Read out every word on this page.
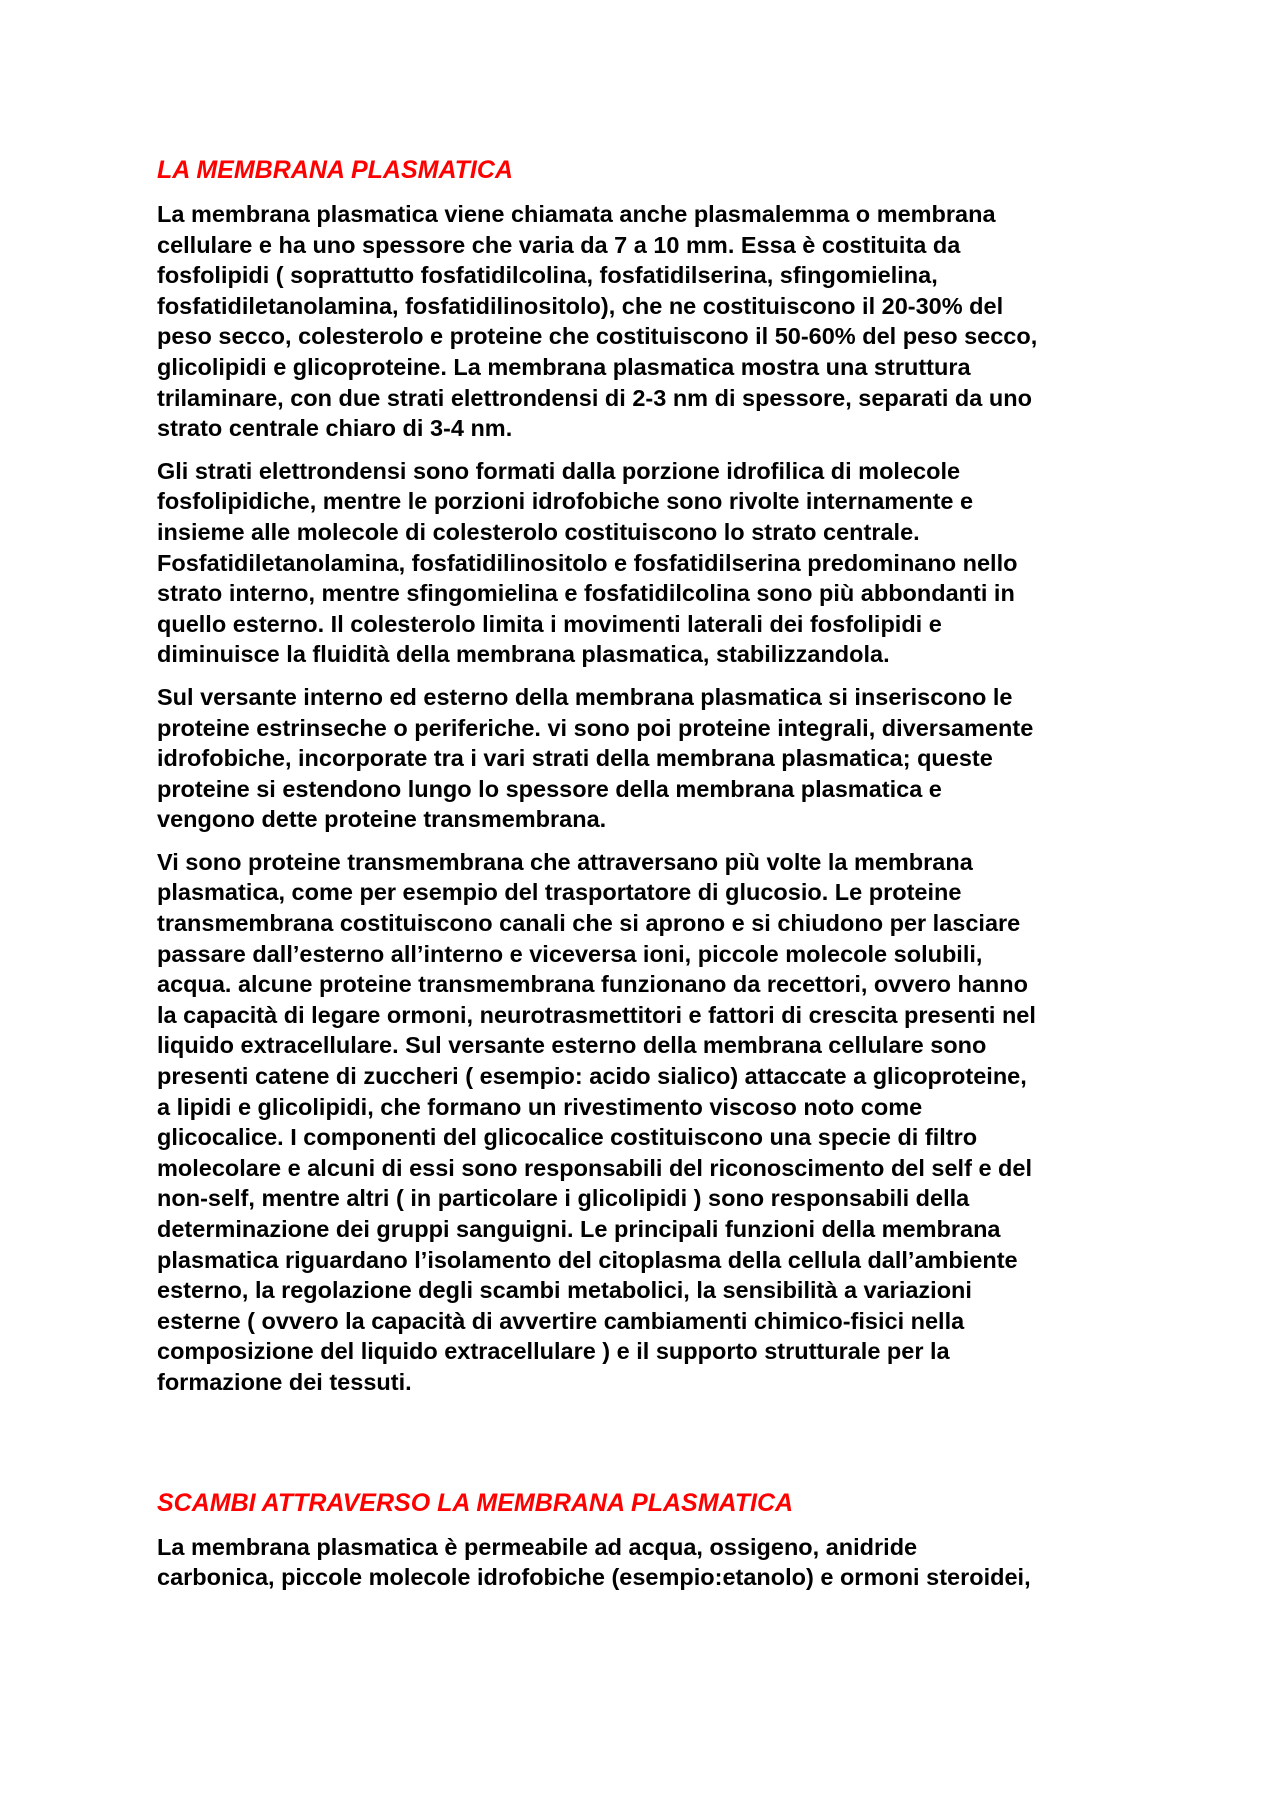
LA MEMBRANA PLASMATICA

La membrana plasmatica viene chiamata anche plasmalemma o membrana
cellulare e ha uno spessore che varia da 7 a 10 mm. Essa è costituita da
fosfolipidi ( soprattutto fosfatidilcolina, fosfatidilserina, sfingomielina,
fosfatidiletanolamina, fosfatidilinositolo), che ne costituiscono il 20-30% del
peso secco, colesterolo e proteine che costituiscono il 50-60% del peso secco,
glicolipidi e glicoproteine. La membrana plasmatica mostra una struttura
trilaminare, con due strati elettrondensi di 2-3 nm di spessore, separati da uno
strato centrale chiaro di 3-4 nm.

Gli strati elettrondensi sono formati dalla porzione idrofilica di molecole
fosfolipidiche, mentre le porzioni idrofobiche sono rivolte internamente e
insieme alle molecole di colesterolo costituiscono lo strato centrale.
Fosfatidiletanolamina, fosfatidilinositolo e fosfatidilserina predominano nello
strato interno, mentre sfingomielina e fosfatidilcolina sono più abbondanti in
quello esterno. Il colesterolo limita i movimenti laterali dei fosfolipidi e
diminuisce la fluidità della membrana plasmatica, stabilizzandola.

Sul versante interno ed esterno della membrana plasmatica si inseriscono le
proteine estrinseche o periferiche. vi sono poi proteine integrali, diversamente
idrofobiche, incorporate tra i vari strati della membrana plasmatica; queste
proteine si estendono lungo lo spessore della membrana plasmatica e
vengono dette proteine transmembrana.

Vi sono proteine transmembrana che attraversano più volte la membrana
plasmatica, come per esempio del trasportatore di glucosio. Le proteine
transmembrana costituiscono canali che si aprono e si chiudono per lasciare
passare dall’esterno all’interno e viceversa ioni, piccole molecole solubili,
acqua. alcune proteine transmembrana funzionano da recettori, ovvero hanno
la capacità di legare ormoni, neurotrasmettitori e fattori di crescita presenti nel
liquido extracellulare. Sul versante esterno della membrana cellulare sono
presenti catene di zuccheri ( esempio: acido sialico) attaccate a glicoproteine,
a lipidi e glicolipidi, che formano un rivestimento viscoso noto come
glicocalice. I componenti del glicocalice costituiscono una specie di filtro
molecolare e alcuni di essi sono responsabili del riconoscimento del self e del
non-self, mentre altri ( in particolare i glicolipidi ) sono responsabili della
determinazione dei gruppi sanguigni. Le principali funzioni della membrana
plasmatica riguardano l’isolamento del citoplasma della cellula dall’ambiente
esterno, la regolazione degli scambi metabolici, la sensibilità a variazioni
esterne ( ovvero la capacità di avvertire cambiamenti chimico-fisici nella
composizione del liquido extracellulare ) e il supporto strutturale per la
formazione dei tessuti.

SCAMBI ATTRAVERSO LA MEMBRANA PLASMATICA

La membrana plasmatica è permeabile ad acqua, ossigeno, anidride
carbonica, piccole molecole idrofobiche (esempio:etanolo) e ormoni steroidei,
